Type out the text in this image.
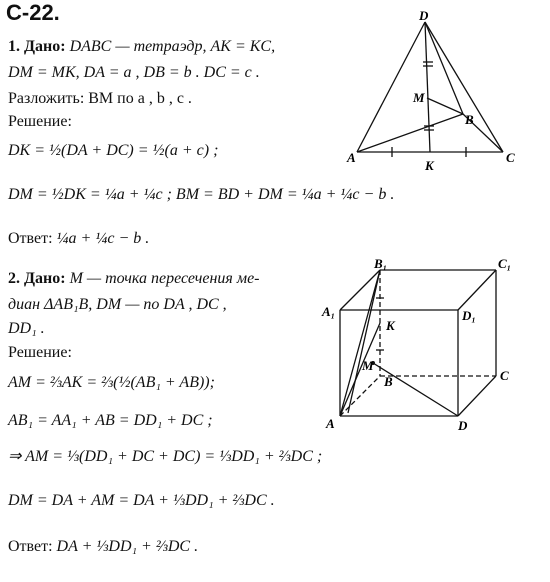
C-22.
1. Дано: DABC — тетраэдр, AK = KC,
DM = MK, DA = a , DB = b . DC = c .
Разложить: BM по a , b , c .
Решение:
DK = ½(DA + DC) = ½(a + c) ;
DM = ½DK = ¼a + ¼c ; BM = BD + DM = ¼a + ¼c − b .
Ответ: ¼a + ¼c − b .
2. Дано: M — точка пересечения ме-
диан ΔAB₁B, DM — по DA , DC ,
DD₁ .
Решение:
AM = ⅔AK = ⅔(½(AB₁ + AB));
AB₁ = AA₁ + AB = DD₁ + DC ;
⇒ AM = ⅓(DD₁ + DC + DC) = ⅓DD₁ + ⅔DC ;
DM = DA + AM = DA + ⅓DD₁ + ⅔DC .
Ответ: DA + ⅓DD₁ + ⅔DC .
D
M
B
A
K
C
B₁	C₁
A₁	D₁
K
M
B	C
A	D
